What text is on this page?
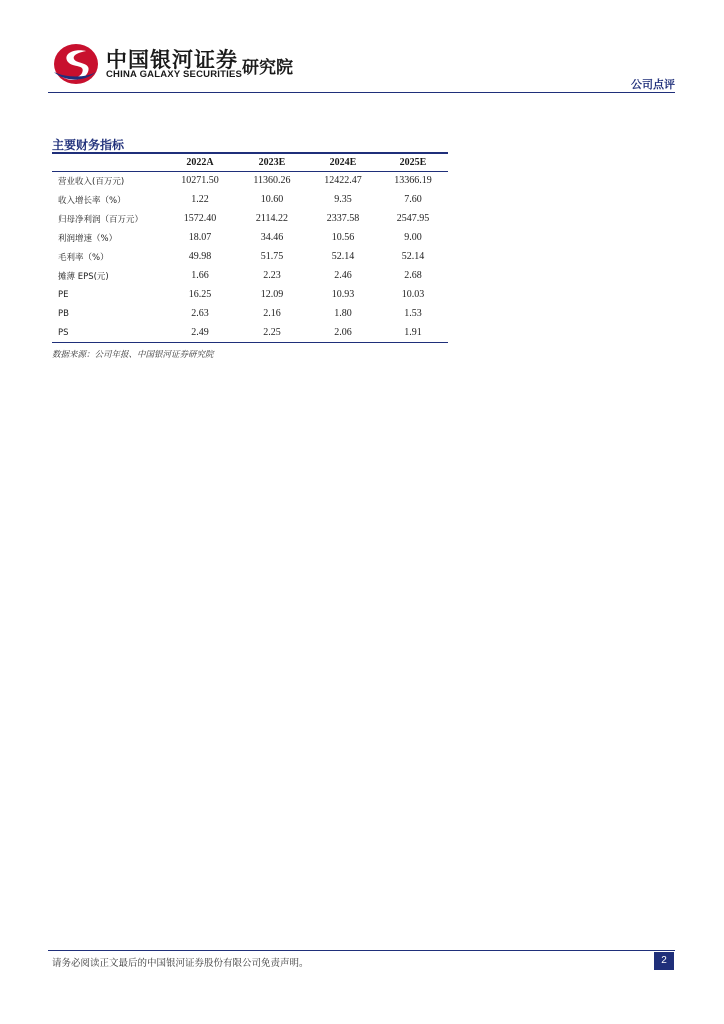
中国银河证券
CHINA GALAXY SECURITIES 研究院
公司点评
主要财务指标
	2022A	2023E	2024E	2025E
营业收入(百万元)	10271.50	11360.26	12422.47	13366.19
收入增长率（%）	1.22	10.60	9.35	7.60
归母净利润（百万元）	1572.40	2114.22	2337.58	2547.95
利润增速（%）	18.07	34.46	10.56	9.00
毛利率（%）	49.98	51.75	52.14	52.14
摊薄 EPS(元)	1.66	2.23	2.46	2.68
PE	16.25	12.09	10.93	10.03
PB	2.63	2.16	1.80	1.53
PS	2.49	2.25	2.06	1.91
数据来源：公司年报、中国银河证券研究院
请务必阅读正文最后的中国银河证券股份有限公司免责声明。	2
